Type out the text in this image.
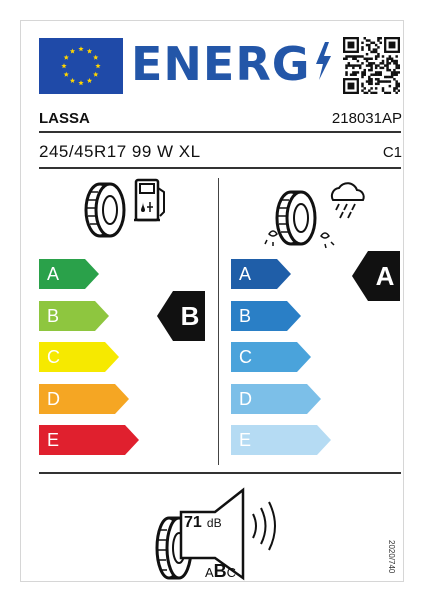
ENERG
LASSA	218031AP
245/45R17 99 W XL	C1
A
B
C
D
E
A
B
C
D
E
B
A
71 dB
ABC	2020/740
